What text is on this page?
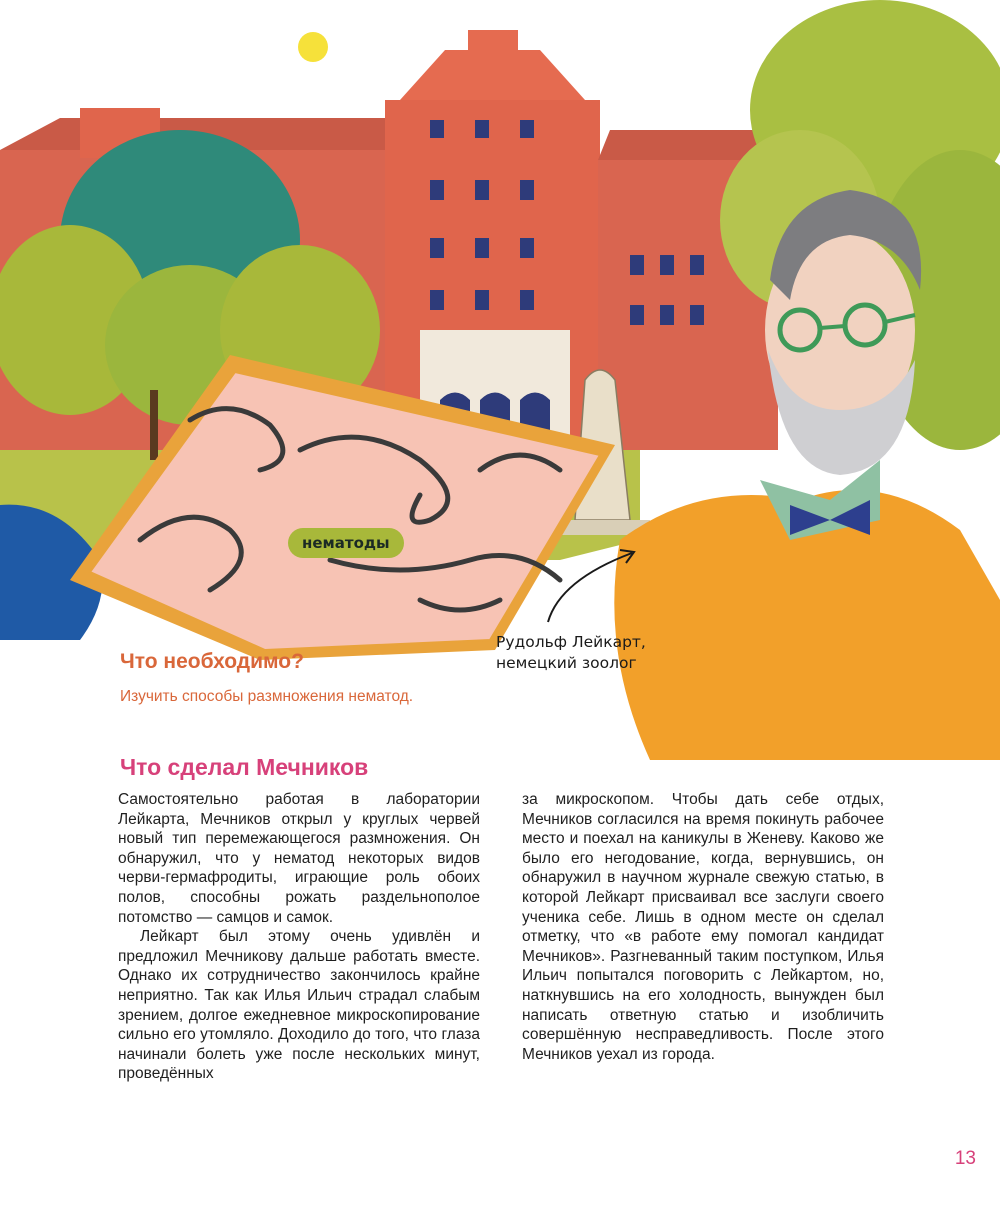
нематоды
Рудольф Лейкарт,
немецкий зоолог
Что необходимо?

Изучить способы размножения нематод.

Что сделал Мечников

Самостоятельно работая в лаборатории Лейкарта, Мечников открыл у круглых червей новый тип перемежающегося размножения. Он обнаружил, что у нематод некоторых видов черви-гермафродиты, играющие роль обоих полов, способны рожать раздельнополое потомство — самцов и самок.

Лейкарт был этому очень удивлён и предложил Мечникову дальше работать вместе. Однако их сотрудничество закончилось крайне неприятно. Так как Илья Ильич страдал слабым зрением, долгое ежедневное микроскопирование сильно его утомляло. Доходило до того, что глаза начинали болеть уже после нескольких минут, проведённых

за микроскопом. Чтобы дать себе отдых, Мечников согласился на время покинуть рабочее место и поехал на каникулы в Женеву. Каково же было его негодование, когда, вернувшись, он обнаружил в научном журнале свежую статью, в которой Лейкарт присваивал все заслуги своего ученика себе. Лишь в одном месте он сделал отметку, что «в работе ему помогал кандидат Мечников». Разгневанный таким поступком, Илья Ильич попытался поговорить с Лейкартом, но, наткнувшись на его холодность, вынужден был написать ответную статью и изобличить совершённую несправедливость. После этого Мечников уехал из города.

13
